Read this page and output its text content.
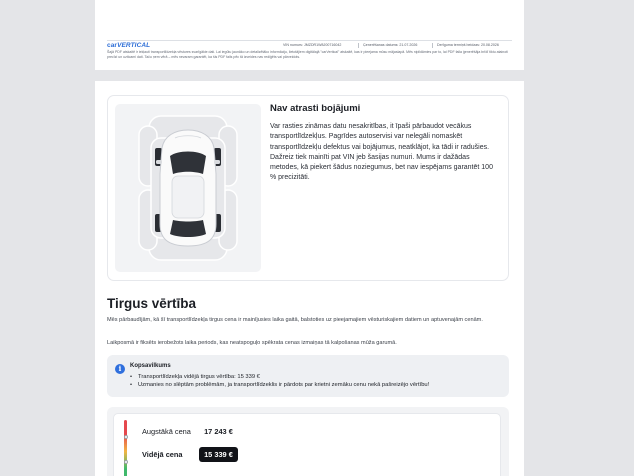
carVERTICAL	VIN numurs: JMZDR1W8J00716042	Ģenerēšanas datums: 21.07.2026	Derīguma termiņš beidzas: 20.08.2026
Šajā PDF atskaitē ir iekļauti transportlīdzekļa vēstures svarīgākie dati. Lai iegūtu jaunāko un detalizētāko informāciju, lietotājiem digitālajā "carVertical" atskaitē, kas ir pieejama mūsu mājaslapā. Mēs nipildāmies par to, lai PDF faila ģenerēšāja brīdī tiktu atainoti precīzi un uzticami dati. Taču ņem vērā – mēs nevaram garantēt, ka šis PDF fails pēc tā izveides nav rediģēts vai pārveidots.
Nav atrasti bojājumi
Var rasties zināmas datu nesakritības, it īpaši pārbaudot vecākus transportlīdzekļus. Pagrīdes autoservisi var nelegāli nomaskēt transportlīdzekļu defektus vai bojājumus, neatklājot, ka tādi ir radušies. Dažreiz tiek mainīti pat VIN jeb šasijas numuri. Mums ir dažādas metodes, kā piekert šādus noziegumus, bet nav iespējams garantēt 100 % precizitāti.
Tirgus vērtība
Mēs pārbaudījām, kā šī transportlīdzekļa tirgus cena ir mainījusies laika gaitā, balstoties uz pieejamajiem vēsturiskajiem datiem un aptuvenajām cenām.
Laikposmā ir fiksēts ierobežots laika periods, kas neatspoguļo spēkrata cenas izmaiņas tā kalpošanas mūža garumā.
i	Kopsavilkums
• Transportlīdzekļa vidējā tirgus vērtība: 15 339 €
• Uzmanies no slēptām problēmām, ja transportlīdzeklis ir pārdots par krietni zemāku cenu nekā pašreizējo vērtību!
Augstākā cena 17 243 €
Vidējā cena	15 339 €
